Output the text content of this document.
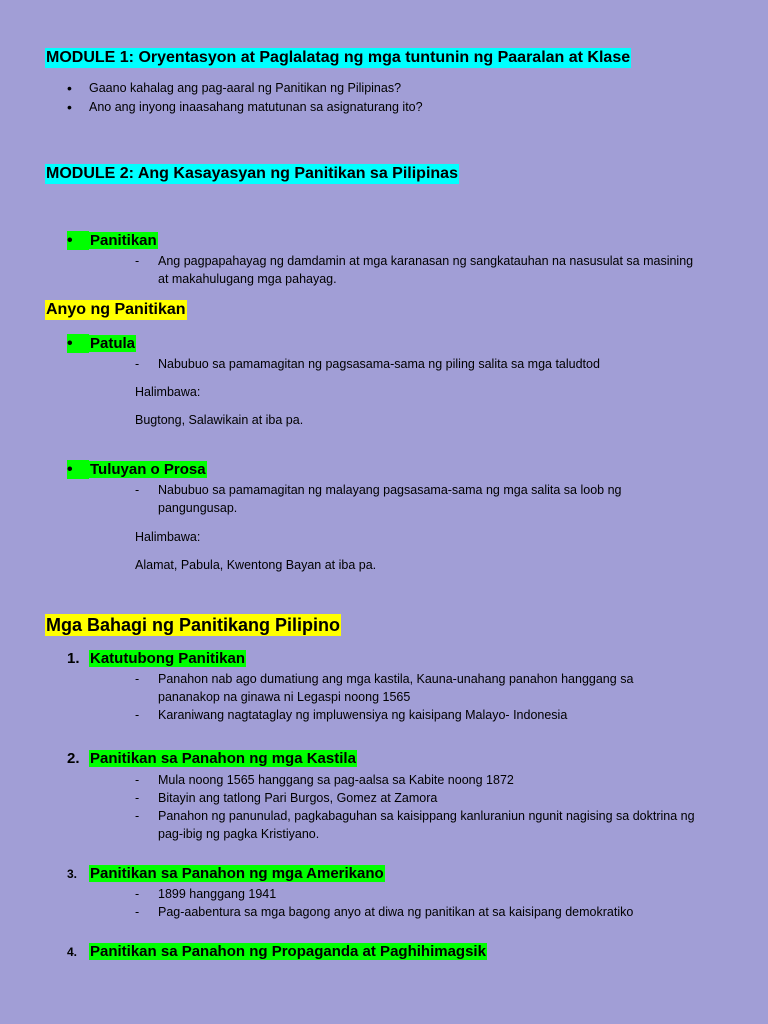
MODULE 1: Oryentasyon at Paglalatag ng mga tuntunin ng Paaralan at Klase
• Gaano kahalag ang pag-aaral ng Panitikan ng Pilipinas?
• Ano ang inyong inaasahang matutunan sa asignaturang ito?
MODULE 2: Ang Kasayasyan ng Panitikan sa Pilipinas
• Panitikan
- Ang pagpapahayag ng damdamin at mga karanasan ng sangkatauhan na nasusulat sa masining at makahulugang mga pahayag.
Anyo ng Panitikan
• Patula
- Nabubuo sa pamamagitan ng pagsasama-sama ng piling salita sa mga taludtod
Halimbawa:
Bugtong, Salawikain at iba pa.
• Tuluyan o Prosa
- Nabubuo sa pamamagitan ng malayang pagsasama-sama ng mga salita sa loob ng pangungusap.
Halimbawa:
Alamat, Pabula, Kwentong Bayan at iba pa.
Mga Bahagi ng Panitikang Pilipino
1. Katutubong Panitikan
- Panahon nab ago dumatiung ang mga kastila, Kauna-unahang panahon hanggang sa pananakop na ginawa ni Legaspi noong 1565
- Karaniwang nagtataglay ng impluwensiya ng kaisipang Malayo- Indonesia
2. Panitikan sa Panahon ng mga Kastila
- Mula noong 1565 hanggang sa pag-aalsa sa Kabite noong 1872
- Bitayin ang tatlong Pari Burgos, Gomez at Zamora
- Panahon ng panunulad, pagkabaguhan sa kaisippang kanluraniun ngunit nagising sa doktrina ng pag-ibig ng pagka Kristiyano.
3. Panitikan sa Panahon ng mga Amerikano
- 1899 hanggang 1941
- Pag-aabentura sa mga bagong anyo at diwa ng panitikan at sa kaisipang demokratiko
4. Panitikan sa Panahon ng Propaganda at Paghihimagsik
